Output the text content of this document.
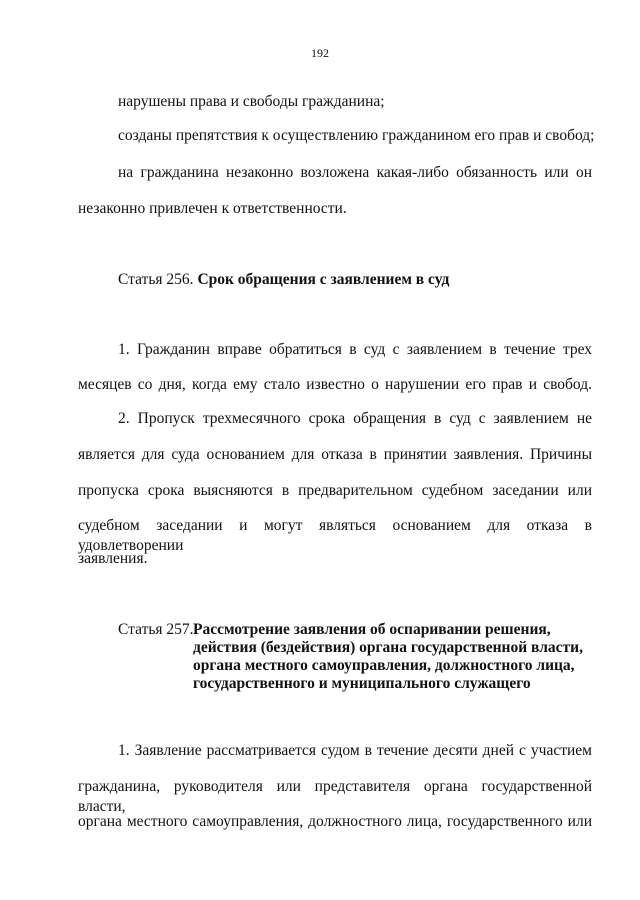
192
нарушены права и свободы гражданина;
созданы препятствия к осуществлению гражданином его прав и свобод;
на гражданина незаконно возложена какая-либо обязанность или он
незаконно привлечен к ответственности.
Статья 256. Срок обращения с заявлением в суд
1. Гражданин вправе обратиться в суд с заявлением в течение трех
месяцев со дня, когда ему стало известно о нарушении его прав и свобод.
2. Пропуск трехмесячного срока обращения в суд с заявлением не
является для суда основанием для отказа в принятии заявления. Причины
пропуска срока выясняются в предварительном судебном заседании или
судебном заседании и могут являться основанием для отказа в удовлетворении
заявления.
Статья 257. Рассмотрение заявления об оспаривании решения,
действия (бездействия) органа государственной власти,
органа местного самоуправления, должностного лица,
государственного и муниципального служащего
1. Заявление рассматривается судом в течение десяти дней с участием
гражданина, руководителя или представителя органа государственной власти,
органа местного самоуправления, должностного лица, государственного или
